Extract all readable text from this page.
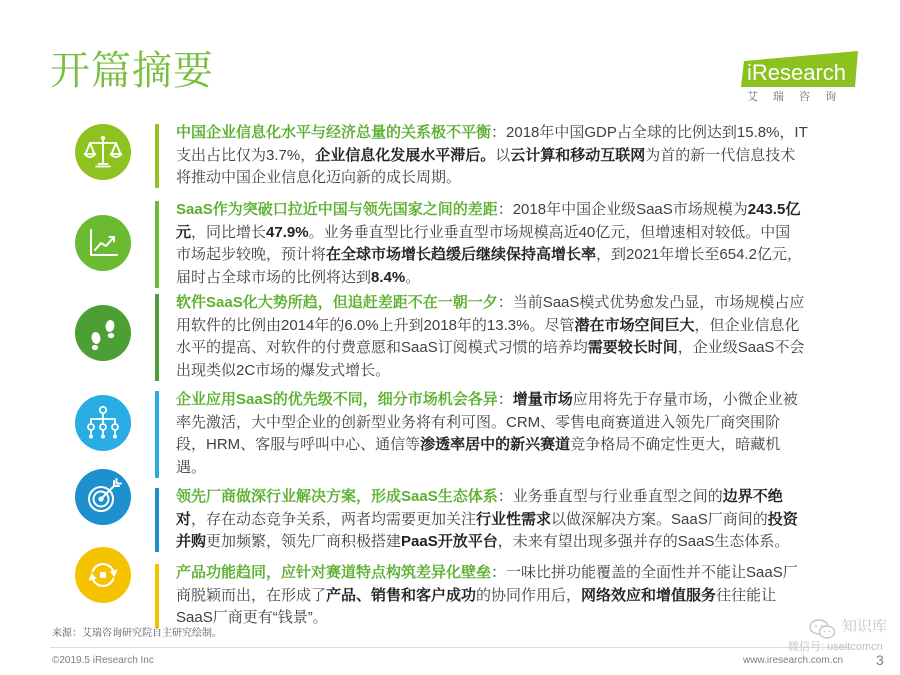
开篇摘要	iResearch
艾 瑞 咨 询
中国企业信息化水平与经济总量的关系极不平衡：2018年中国GDP占全球的比例达到15.8%，IT
支出占比仅为3.7%，企业信息化发展水平滞后。以云计算和移动互联网为首的新一代信息技术
将推动中国企业信息化迈向新的成长周期。
SaaS作为突破口拉近中国与领先国家之间的差距：2018年中国企业级SaaS市场规模为243.5亿
元，同比增长47.9%。业务垂直型比行业垂直型市场规模高近40亿元，但增速相对较低。中国
市场起步较晚，预计将在全球市场增长趋缓后继续保持高增长率，到2021年增长至654.2亿元，
届时占全球市场的比例将达到8.4%。
软件SaaS化大势所趋，但追赶差距不在一朝一夕：当前SaaS模式优势愈发凸显，市场规模占应
用软件的比例由2014年的6.0%上升到2018年的13.3%。尽管潜在市场空间巨大，但企业信息化
水平的提高、对软件的付费意愿和SaaS订阅模式习惯的培养均需要较长时间，企业级SaaS不会
出现类似2C市场的爆发式增长。
企业应用SaaS的优先级不同，细分市场机会各异：增量市场应用将先于存量市场，小微企业被
率先激活，大中型企业的创新型业务将有利可图。CRM、零售电商赛道进入领先厂商突围阶
段，HRM、客服与呼叫中心、通信等渗透率居中的新兴赛道竞争格局不确定性更大，暗藏机
遇。
领先厂商做深行业解决方案，形成SaaS生态体系：业务垂直型与行业垂直型之间的边界不绝
对，存在动态竞争关系，两者均需要更加关注行业性需求以做深解决方案。SaaS厂商间的投资
并购更加频繁，领先厂商积极搭建PaaS开放平台，未来有望出现多强并存的SaaS生态体系。
产品功能趋同，应针对赛道特点构筑差异化壁垒：一味比拼功能覆盖的全面性并不能让SaaS厂
商脱颖而出，在形成了产品、销售和客户成功的协同作用后，网络效应和增值服务往往能让
SaaS厂商更有“钱景”。
来源：艾瑞咨询研究院自主研究绘制。
©2019.5 iResearch Inc	www.iresearch.com.cn 3
知识库
微信号: useitcomcn
